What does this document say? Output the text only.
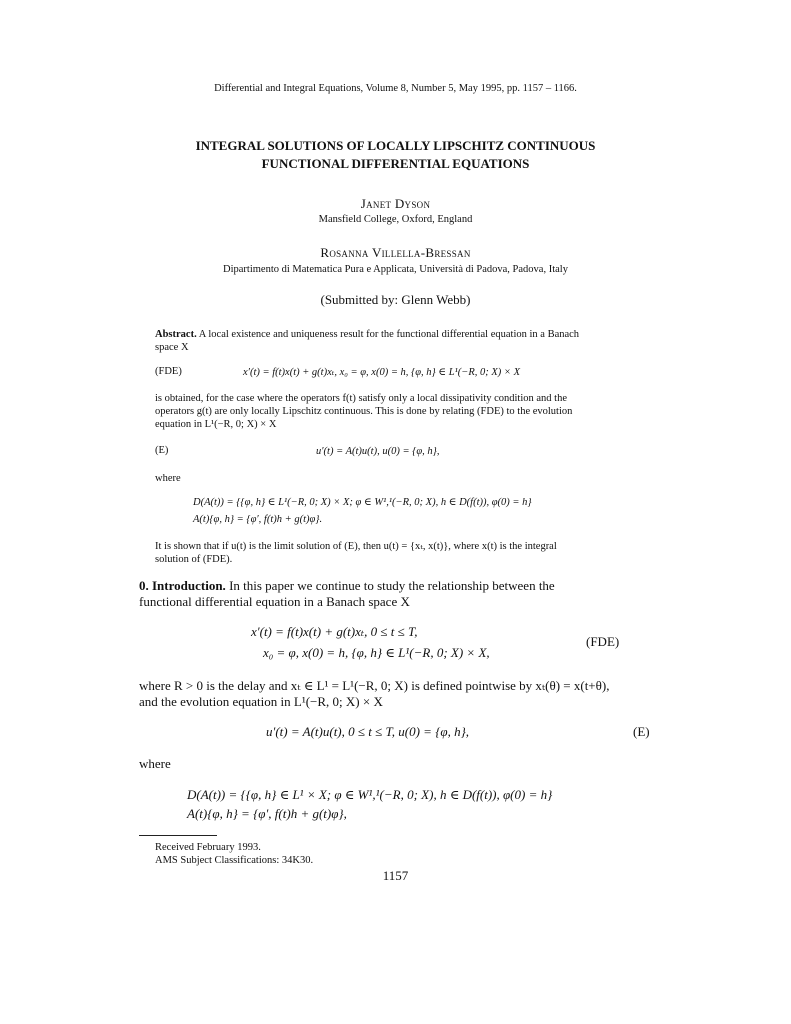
Differential and Integral Equations, Volume 8, Number 5, May 1995, pp. 1157 – 1166.
INTEGRAL SOLUTIONS OF LOCALLY LIPSCHITZ CONTINUOUS
FUNCTIONAL DIFFERENTIAL EQUATIONS
Janet Dyson
Mansfield College, Oxford, England
Rosanna Villella-Bressan
Dipartimento di Matematica Pura e Applicata, Università di Padova, Padova, Italy
(Submitted by: Glenn Webb)
Abstract. A local existence and uniqueness result for the functional differential equation in a Banach
space X
(FDE)	x′(t) = f(t)x(t) + g(t)xₜ, x₀ = φ, x(0) = h, {φ, h} ∈ L¹(−R, 0; X) × X
is obtained, for the case where the operators f(t) satisfy only a local dissipativity condition and the
operators g(t) are only locally Lipschitz continuous. This is done by relating (FDE) to the evolution
equation in L¹(−R, 0; X) × X
(E)	u′(t) = A(t)u(t), u(0) = {φ, h},
where
D(A(t)) = {{φ, h} ∈ L¹(−R, 0; X) × X; φ ∈ W¹,¹(−R, 0; X), h ∈ D(f(t)), φ(0) = h}
A(t){φ, h} = {φ′, f(t)h + g(t)φ}.
It is shown that if u(t) is the limit solution of (E), then u(t) = {xₜ, x(t)}, where x(t) is the integral
solution of (FDE).
0. Introduction. In this paper we continue to study the relationship between the
functional differential equation in a Banach space X
x′(t) = f(t)x(t) + g(t)xₜ, 0 ≤ t ≤ T,
x₀ = φ, x(0) = h, {φ, h} ∈ L¹(−R, 0; X) × X,
(FDE)
where R > 0 is the delay and xₜ ∈ L¹ = L¹(−R, 0; X) is defined pointwise by xₜ(θ) = x(t+θ),
and the evolution equation in L¹(−R, 0; X) × X
u′(t) = A(t)u(t), 0 ≤ t ≤ T, u(0) = {φ, h},	(E)
where
D(A(t)) = {{φ, h} ∈ L¹ × X; φ ∈ W¹,¹(−R, 0; X), h ∈ D(f(t)), φ(0) = h}
A(t){φ, h} = {φ′, f(t)h + g(t)φ},
Received February 1993.
AMS Subject Classifications: 34K30.
1157
